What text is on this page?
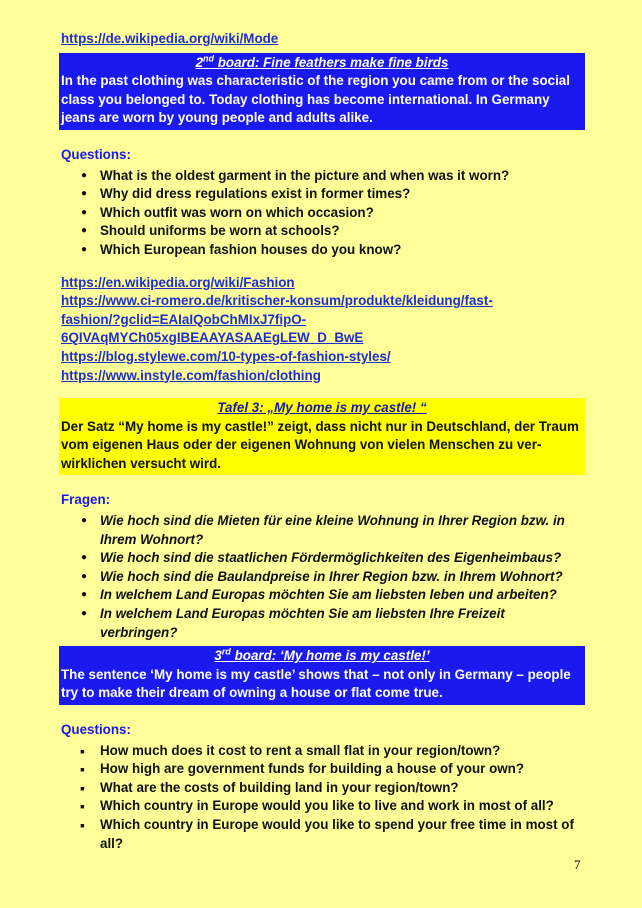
https://de.wikipedia.org/wiki/Mode
2nd board: Fine feathers make fine birds
In the past clothing was characteristic of the region you came from or the social class you belonged to. Today clothing has become international. In Germany jeans are worn by young people and adults alike.
Questions:
● What is the oldest garment in the picture and when was it worn?
● Why did dress regulations exist in former times?
● Which outfit was worn on which occasion?
● Should uniforms be worn at schools?
● Which European fashion houses do you know?
https://en.wikipedia.org/wiki/Fashion
https://www.ci-romero.de/kritischer-konsum/produkte/kleidung/fast-
fashion/?gclid=EAIaIQobChMIxJ7fipO-
6QIVAqMYCh05xgIBEAAYASAAEgLEW_D_BwE
https://blog.stylewe.com/10-types-of-fashion-styles/
https://www.instyle.com/fashion/clothing
Tafel 3: „My home is my castle! “
Der Satz “My home is my castle!” zeigt, dass nicht nur in Deutschland, der Traum vom eigenen Haus oder der eigenen Wohnung von vielen Menschen zu ver-wirklichen versucht wird.
Fragen:
● Wie hoch sind die Mieten für eine kleine Wohnung in Ihrer Region bzw. in Ihrem Wohnort?
● Wie hoch sind die staatlichen Fördermöglichkeiten des Eigenheimbaus?
● Wie hoch sind die Baulandpreise in Ihrer Region bzw. in Ihrem Wohnort?
● In welchem Land Europas möchten Sie am liebsten leben und arbeiten?
● In welchem Land Europas möchten Sie am liebsten Ihre Freizeit verbringen?
3rd board: ‘My home is my castle!’
The sentence ‘My home is my castle’ shows that – not only in Germany – people try to make their dream of owning a house or flat come true.
Questions:
▪ How much does it cost to rent a small flat in your region/town?
▪ How high are government funds for building a house of your own?
▪ What are the costs of building land in your region/town?
▪ Which country in Europe would you like to live and work in most of all?
▪ Which country in Europe would you like to spend your free time in most of all?
7
